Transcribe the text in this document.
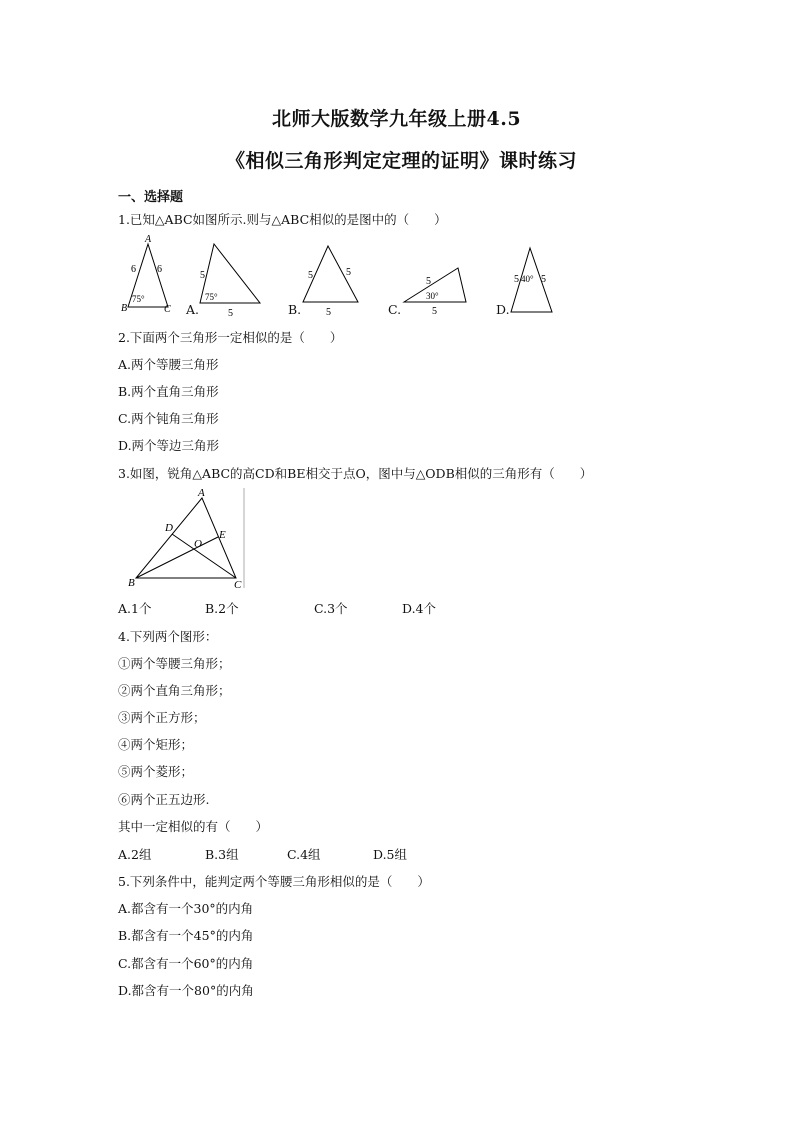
北师大版数学九年级上册4.5
《相似三角形判定定理的证明》课时练习
一、选择题
1.已知△ABC如图所示.则与△ABC相似的是图中的（　　）
A
B	C
6 6
75°
A.
5
5
75°
B.
5	5
5	C.
5
5
30°
D.
5 5
40°
2.下面两个三角形一定相似的是（　　）
A.两个等腰三角形
B.两个直角三角形
C.两个钝角三角形
D.两个等边三角形
3.如图，锐角△ABC的高CD和BE相交于点O，图中与△ODB相似的三角形有（　　）
A
B	C
D
E
O
A.1个	B.2个	C.3个	D.4个
4.下列两个图形：
①两个等腰三角形；
②两个直角三角形；
③两个正方形；
④两个矩形；
⑤两个菱形；
⑥两个正五边形.
其中一定相似的有（　　）
A.2组	B.3组	C.4组	D.5组
5.下列条件中，能判定两个等腰三角形相似的是（　　）
A.都含有一个30°的内角
B.都含有一个45°的内角
C.都含有一个60°的内角
D.都含有一个80°的内角
